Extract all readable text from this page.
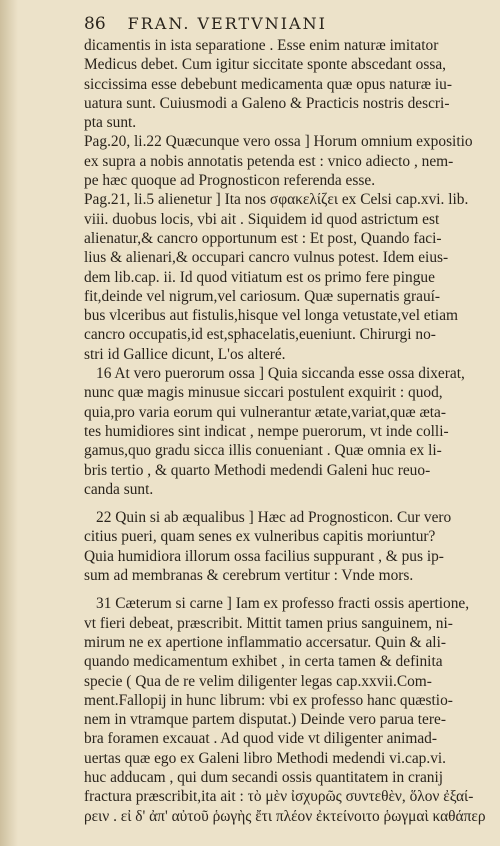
86 FRAN. VERTVNIANI

dicamentis in ista separatione . Esse enim naturæ imitator
Medicus debet. Cum igitur siccitate sponte abscedant ossa,
siccissima esse debebunt medicamenta quæ opus naturæ iu-
uatura sunt. Cuiusmodi a Galeno & Practicis nostris descri-
pta sunt.

Pag.20, li.22 Quæcunque vero ossa ] Horum omnium expositio
ex supra a nobis annotatis petenda est : vnico adiecto , nem-
pe hæc quoque ad Prognosticon referenda esse.

Pag.21, li.5 alienetur ] Ita nos σφακελίζει ex Celsi cap.xvi. lib.
viii. duobus locis, vbi ait . Siquidem id quod astrictum est
alienatur,& cancro opportunum est : Et post, Quando faci-
lius & alienari,& occupari cancro vulnus potest. Idem eius-
dem lib.cap. ii. Id quod vitiatum est os primo fere pingue
fit,deinde vel nigrum,vel cariosum. Quæ supernatis grauí-
bus vlceribus aut fistulis,hisque vel longa vetustate,vel etiam
cancro occupatis,id est,sphacelatis,eueniunt. Chirurgi no-
stri id Gallice dicunt, L'os alteré.

16 At vero puerorum ossa ] Quia siccanda esse ossa dixerat,
nunc quæ magis minusue siccari postulent exquirit : quod,
quia,pro varia eorum qui vulnerantur ætate,variat,quæ æta-
tes humidiores sint indicat , nempe puerorum, vt inde colli-
gamus,quo gradu sicca illis conueniant . Quæ omnia ex li-
bris tertio , & quarto Methodi medendi Galeni huc reuo-
canda sunt.

22 Quin si ab æqualibus ] Hæc ad Prognosticon. Cur vero
citius pueri, quam senes ex vulneribus capitis moriuntur?
Quia humidiora illorum ossa facilius suppurant , & pus ip-
sum ad membranas & cerebrum vertitur : Vnde mors.

31 Cæterum si carne ] Iam ex professo fracti ossis apertione,
vt fieri debeat, præscribit. Mittit tamen prius sanguinem, ni-
mirum ne ex apertione inflammatio accersatur. Quin & ali-
quando medicamentum exhibet , in certa tamen & definita
specie ( Qua de re velim diligenter legas cap.xxvii.Com-
ment.Fallopij in hunc librum: vbi ex professo hanc quæstio-
nem in vtramque partem disputat.) Deinde vero parua tere-
bra foramen excauat . Ad quod vide vt diligenter animad-
uertas quæ ego ex Galeni libro Methodi medendi vi.cap.vi.
huc adducam , qui dum secandi ossis quantitatem in cranij
fractura præscribit,ita ait : τὸ μὲν ἰσχυρῶς συντεθὲν, ὅλον ἐξαί-
ρειν . εἰ δ' ἀπ' αὐτοῦ ῥωγὴς ἔτι πλέον ἐκτείνοιτο ῥωγμαὶ καθάπερ
